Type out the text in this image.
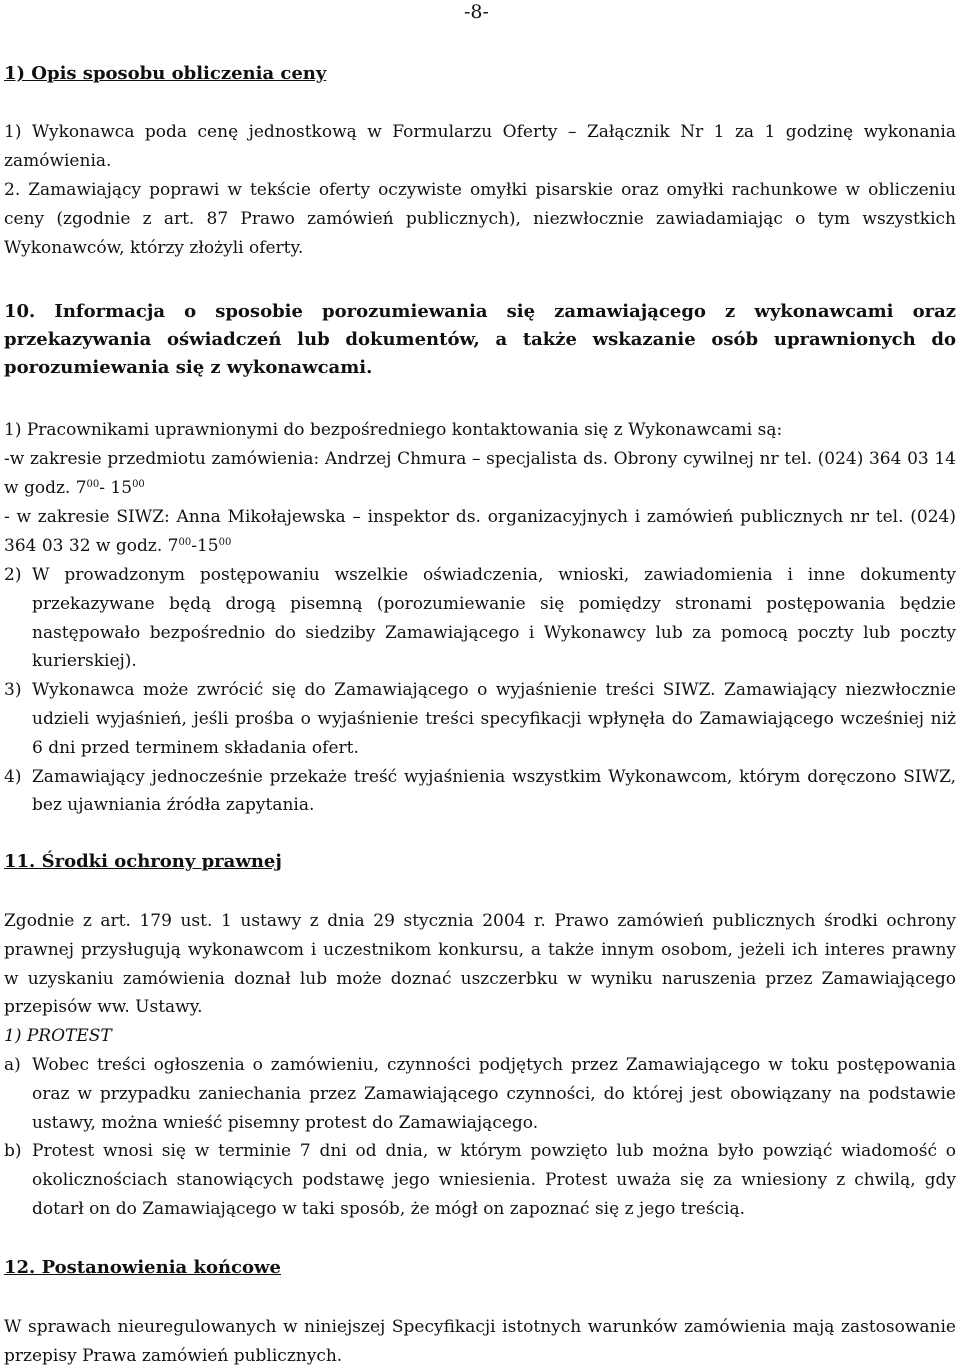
-8-
1) Opis sposobu obliczenia ceny
1) Wykonawca poda cenę jednostkową w Formularzu Oferty – Załącznik Nr 1 za 1 godzinę wykonania zamówienia.
2. Zamawiający poprawi w tekście oferty oczywiste omyłki pisarskie oraz omyłki rachunkowe w obliczeniu ceny (zgodnie z art. 87 Prawo zamówień publicznych), niezwłocznie zawiadamiając o tym wszystkich Wykonawców, którzy złożyli oferty.
10. Informacja o sposobie porozumiewania się zamawiającego z wykonawcami oraz przekazywania oświadczeń lub dokumentów, a także wskazanie osób uprawnionych do porozumiewania się z wykonawcami.
1) Pracownikami uprawnionymi do bezpośredniego kontaktowania się z Wykonawcami są:
-w zakresie przedmiotu zamówienia: Andrzej Chmura – specjalista ds. Obrony cywilnej nr tel. (024) 364 03 14 w godz. $7^{00}-$ $15^{00}$
- w zakresie SIWZ: Anna Mikołajewska – inspektor ds. organizacyjnych i zamówień publicznych nr tel. (024) 364 03 32 w godz. $7^{00}-15^{00}$
2) W prowadzonym postępowaniu wszelkie oświadczenia, wnioski, zawiadomienia i inne dokumenty przekazywane będą drogą pisemną (porozumiewanie się pomiędzy stronami postępowania będzie następowało bezpośrednio do siedziby Zamawiającego i Wykonawcy lub za pomocą poczty lub poczty kurierskiej).
3) Wykonawca może zwrócić się do Zamawiającego o wyjaśnienie treści SIWZ. Zamawiający niezwłocznie udzieli wyjaśnień, jeśli prośba o wyjaśnienie treści specyfikacji wpłynęła do Zamawiającego wcześniej niż 6 dni przed terminem składania ofert.
4) Zamawiający jednocześnie przekaże treść wyjaśnienia wszystkim Wykonawcom, którym doręczono SIWZ, bez ujawniania źródła zapytania.
11. Środki ochrony prawnej
Zgodnie z art. 179 ust. 1 ustawy z dnia 29 stycznia 2004 r. Prawo zamówień publicznych środki ochrony prawnej przysługują wykonawcom i uczestnikom konkursu, a także innym osobom, jeżeli ich interes prawny w uzyskaniu zamówienia doznał lub może doznać uszczerbku w wyniku naruszenia przez Zamawiającego przepisów ww. Ustawy.
1) PROTEST
a) Wobec treści ogłoszenia o zamówieniu, czynności podjętych przez Zamawiającego w toku postępowania oraz w przypadku zaniechania przez Zamawiającego czynności, do której jest obowiązany na podstawie ustawy, można wnieść pisemny protest do Zamawiającego.
b) Protest wnosi się w terminie 7 dni od dnia, w którym powzięto lub można było powziąć wiadomość o okolicznościach stanowiących podstawę jego wniesienia. Protest uważa się za wniesiony z chwilą, gdy dotarł on do Zamawiającego w taki sposób, że mógł on zapoznać się z jego treścią.
12. Postanowienia końcowe
W sprawach nieuregulowanych w niniejszej Specyfikacji istotnych warunków zamówienia mają zastosowanie przepisy Prawa zamówień publicznych.
